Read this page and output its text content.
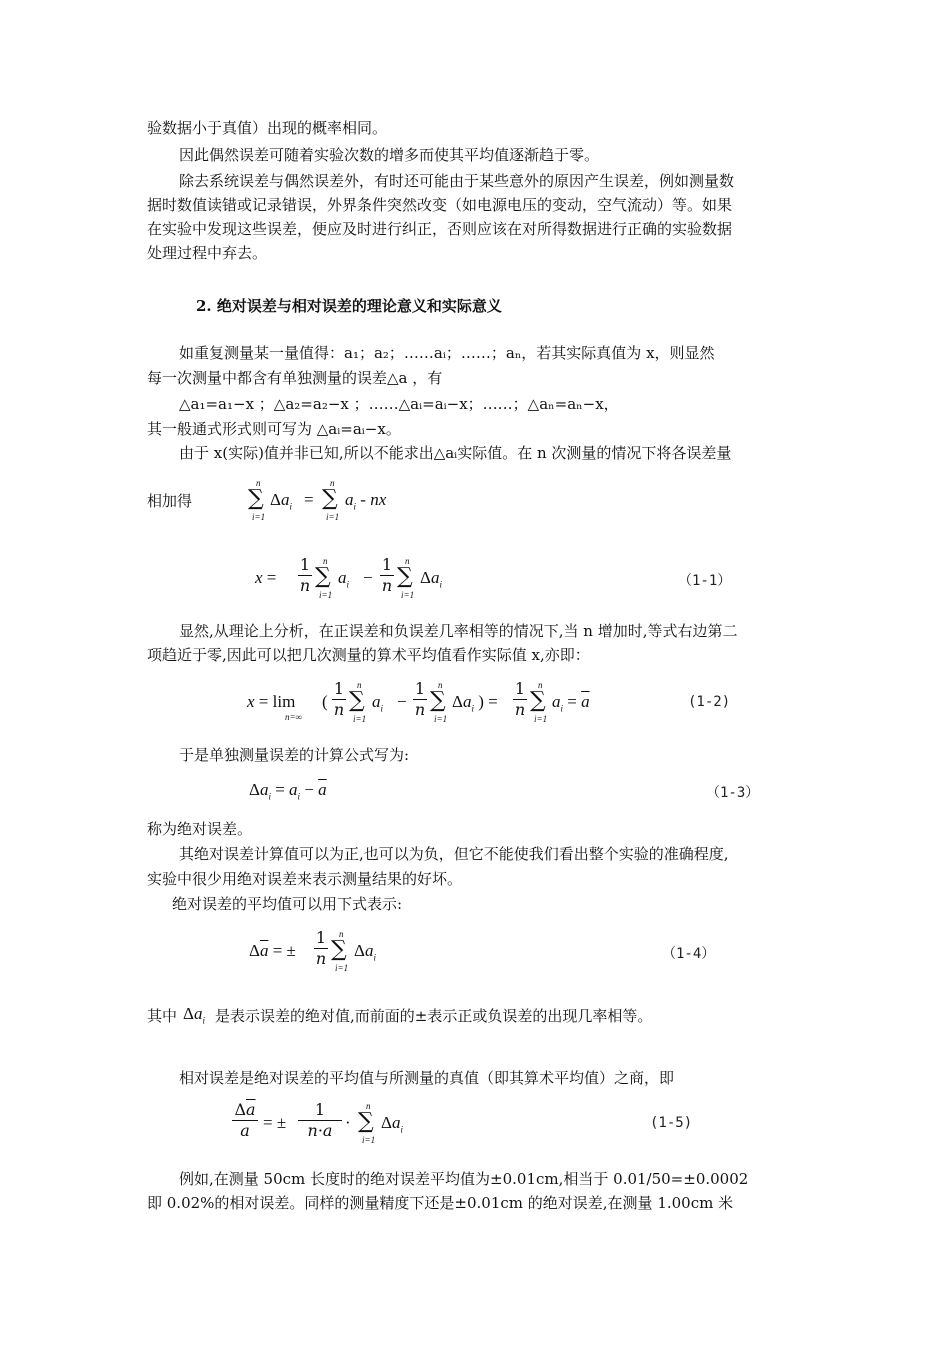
验数据小于真值）出现的概率相同。
因此偶然误差可随着实验次数的增多而使其平均值逐渐趋于零。
除去系统误差与偶然误差外，有时还可能由于某些意外的原因产生误差，例如测量数
据时数值读错或记录错误，外界条件突然改变（如电源电压的变动，空气流动）等。如果
在实验中发现这些误差，便应及时进行纠正，否则应该在对所得数据进行正确的实验数据
处理过程中弃去。
2. 绝对误差与相对误差的理论意义和实际意义
如重复测量某一量值得：a₁；a₂；……aᵢ；……；aₙ，若其实际真值为 x，则显然
每一次测量中都含有单独测量的误差△a ，有
△a₁=a₁−x ；△a₂=a₂−x ；……△aᵢ=aᵢ−x；……；△aₙ=aₙ−x，
其一般通式形式则可写为 △aᵢ=aᵢ−x。
由于 x(实际)值并非已知,所以不能求出△aᵢ实际值。在 n 次测量的情况下将各误差量
相加得
n
∑
i=1
$\Delta a_i$ =
n
∑
i=1
$a_i$ - nx
x =
1
n
n
∑
i=1
$a_i$ −
1
n
n
∑
i=1
$\Delta a_i$	（1-1）
显然,从理论上分析，在正误差和负误差几率相等的情况下,当 n 增加时,等式右边第二
项趋近于零,因此可以把几次测量的算术平均值看作实际值 x,亦即：
x = lim
n=∞
(
1
n
n
∑
i=1
$a_i$ −
1
n
n
∑
i=1
$\Delta a_i$ ) =
1
n
n
∑
i=1
$a_i = \overline{a}$	(1-2)
于是单独测量误差的计算公式写为:
$\Delta a_i = a_i - \overline{a}$	（1-3）
称为绝对误差。
其绝对误差计算值可以为正,也可以为负，但它不能使我们看出整个实验的准确程度,
实验中很少用绝对误差来表示测量结果的好坏。
绝对误差的平均值可以用下式表示:
$\Delta\overline{a}$ = ±
1
n
n
∑
i=1
$\Delta a_i$	（1-4）
其中 $\Delta a_i$ 是表示误差的绝对值,而前面的±表示正或负误差的出现几率相等。
相对误差是绝对误差的平均值与所测量的真值（即其算术平均值）之商，即
$\Delta\overline{a}$
$\overline{a}$ = ±
1
$n\cdot\overline{a}$ ·
n
∑
i=1
$\Delta a_i$	(1-5)
例如,在测量 50cm 长度时的绝对误差平均值为±0.01cm,相当于 0.01/50=±0.0002
即 0.02%的相对误差。同样的测量精度下还是±0.01cm 的绝对误差,在测量 1.00cm 米
